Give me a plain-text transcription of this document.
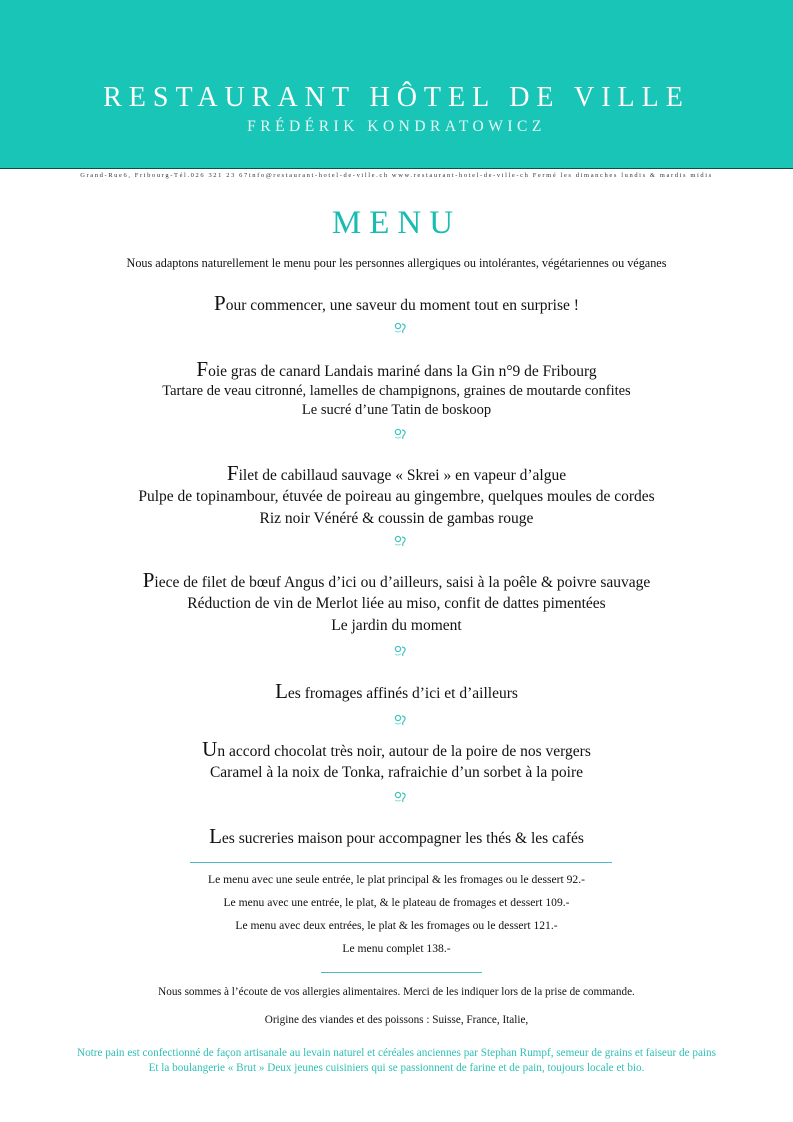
RESTAURANT HÔTEL DE VILLE
FRÉDÉRIK KONDRATOWICZ
Grand-Rue6, Fribourg-Tél.026 321 23 67info@restaurant-hotel-de-ville.ch www.restaurant-hotel-de-ville-ch Fermé les dimanches lundis & mardis midis
MENU
Nous adaptons naturellement le menu pour les personnes allergiques ou intolérantes, végétariennes ou véganes
Pour commencer, une saveur du moment tout en surprise !
Foie gras de canard Landais mariné dans la Gin n°9 de Fribourg
Tartare de veau citronné, lamelles de champignons, graines de moutarde confites
Le sucré d’une Tatin de boskoop
Filet de cabillaud sauvage « Skrei » en vapeur d’algue
Pulpe de topinambour, étuvée de poireau au gingembre, quelques moules de cordes
Riz noir Vénéré & coussin de gambas rouge
Piece de filet de bœuf Angus d’ici ou d’ailleurs, saisi à la poêle & poivre sauvage
Réduction de vin de Merlot liée au miso, confit de dattes pimentées
Le jardin du moment
Les fromages affinés d’ici et d’ailleurs
Un accord chocolat très noir, autour de la poire de nos vergers
Caramel à la noix de Tonka, rafraichie d’un sorbet à la poire
Les sucreries maison pour accompagner les thés & les cafés
Le menu avec une seule entrée, le plat principal & les fromages ou le dessert 92.-
Le menu avec une entrée, le plat, & le plateau de fromages et dessert 109.-
Le menu avec deux entrées, le plat & les fromages ou le dessert 121.-
Le menu complet 138.-
Nous sommes à l’écoute de vos allergies alimentaires. Merci de les indiquer lors de la prise de commande.
Origine des viandes et des poissons : Suisse, France, Italie,
Notre pain est confectionné de façon artisanale au levain naturel et céréales anciennes par Stephan Rumpf, semeur de grains et faiseur de pains
Et la boulangerie « Brut » Deux jeunes cuisiniers qui se passionnent de farine et de pain, toujours locale et bio.
